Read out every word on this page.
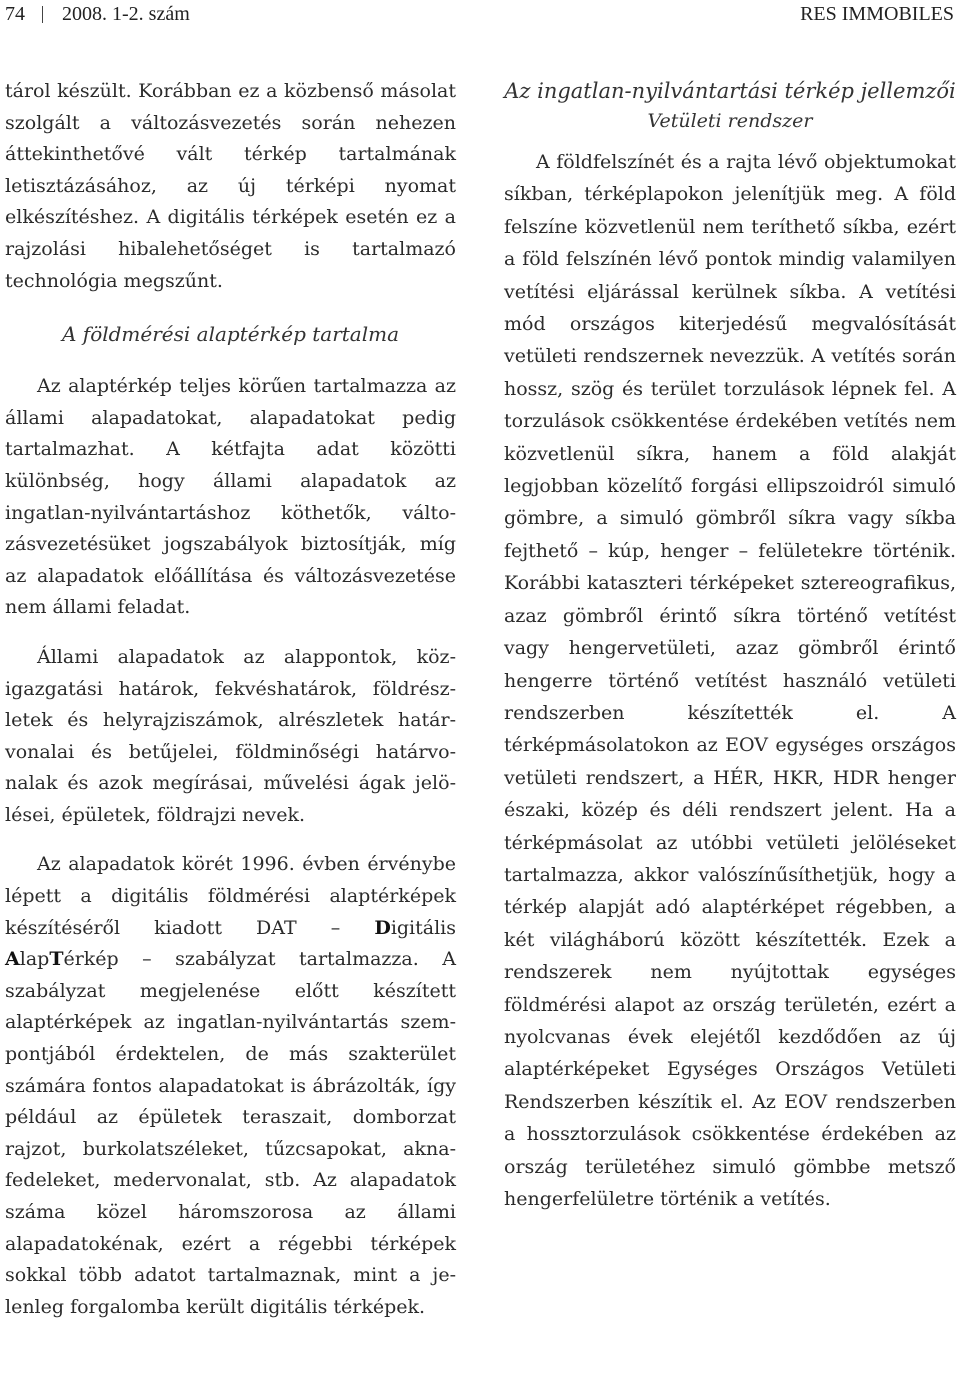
74 2008. 1-2. szám	RES IMMOBILES

tárol készült. Korábban ez a közbenső másolat szolgált a változásvezetés során nehezen áttekinthetővé vált térkép tartalmának letisztázásához, az új térképi nyomat elkészítéshez. A digitális térképek esetén ez a rajzolási hibalehetőséget is tartalmazó technológia megszűnt.

A földmérési alaptérkép tartalma

Az alaptérkép teljes körűen tartalmazza az állami alapadatokat, alapadatokat pedig tartalmazhat. A kétfajta adat közötti különbség, hogy állami alapadatok az ingatlan-nyilvántartáshoz köthetők, változásvezetésüket jogszabályok biztosítják, míg az alapadatok előállítása és változásvezetése nem állami feladat.

Állami alapadatok az alappontok, közigazgatási határok, fekvéshatárok, földrészletek és helyrajziszámok, alrészletek határvonalai és betűjelei, földminőségi határvonalak és azok megírásai, művelési ágak jelölései, épületek, földrajzi nevek.

Az alapadatok körét 1996. évben érvénybe lépett a digitális földmérési alaptérképek készítéséről kiadott DAT – Digitális AlapTérkép – szabályzat tartalmazza. A szabályzat megjelenése előtt készített alaptérképek az ingatlan-nyilvántartás szempontjából érdektelen, de más szakterület számára fontos alapadatokat is ábrázolták, így például az épületek teraszait, domborzat rajzot, burkolatszéleket, tűzcsapokat, aknafedeleket, medervonalat, stb. Az alapadatok száma közel háromszorosa az állami alapadatokénak, ezért a régebbi térképek sokkal több adatot tartalmaznak, mint a jelenleg forgalomba került digitális térképek.

Az ingatlan-nyilvántartási térkép jellemzői
Vetületi rendszer

A földfelszínét és a rajta lévő objektumokat síkban, térképlapokon jelenítjük meg. A föld felszíne közvetlenül nem teríthető síkba, ezért a föld felszínén lévő pontok mindig valamilyen vetítési eljárással kerülnek síkba. A vetítési mód országos kiterjedésű megvalósítását vetületi rendszernek nevezzük. A vetítés során hossz, szög és terület torzulások lépnek fel. A torzulások csökkentése érdekében vetítés nem közvetlenül síkra, hanem a föld alakját legjobban közelítő forgási ellipszoidról simuló gömbre, a simuló gömbről síkra vagy síkba fejthető – kúp, henger – felületekre történik. Korábbi kataszteri térképeket sztereografikus, azaz gömbről érintő síkra történő vetítést vagy hengervetületi, azaz gömbről érintő hengerre történő vetítést használó vetületi rendszerben készítették el. A térképmásolatokon az EOV egységes országos vetületi rendszert, a HÉR, HKR, HDR henger északi, közép és déli rendszert jelent. Ha a térképmásolat az utóbbi vetületi jelöléseket tartalmazza, akkor valószínűsíthetjük, hogy a térkép alapját adó alaptérképet régebben, a két világháború között készítették. Ezek a rendszerek nem nyújtottak egységes földmérési alapot az ország területén, ezért a nyolcvanas évek elejétől kezdődően az új alaptérképeket Egységes Országos Vetületi Rendszerben készítik el. Az EOV rendszerben a hossztorzulások csökkentése érdekében az ország területéhez simuló gömbbe metsző hengerfelületre történik a vetítés.
